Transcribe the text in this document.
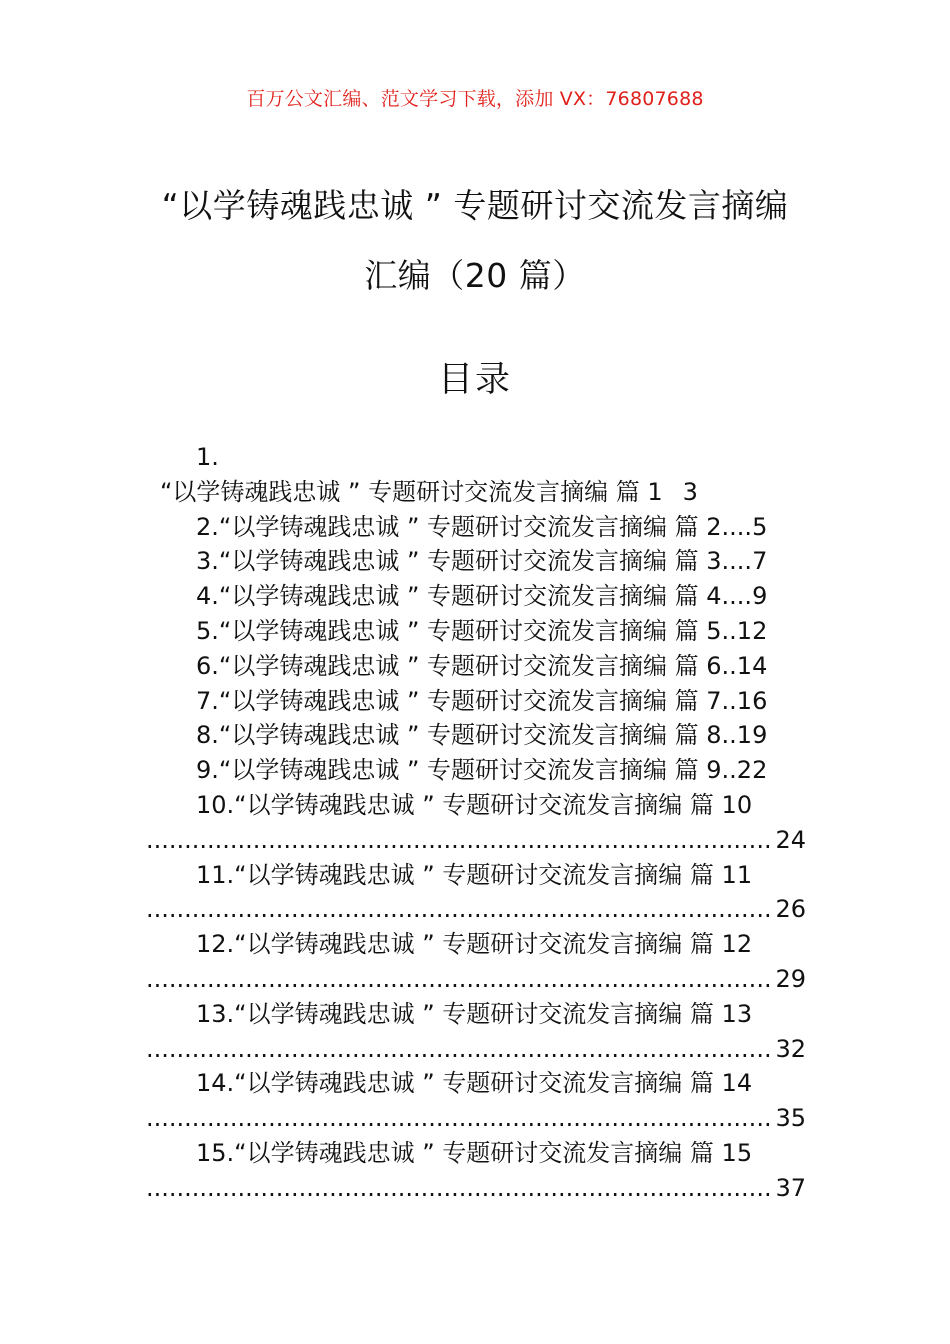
百万公文汇编、范文学习下载，添加 VX：76807688
“以学铸魂践忠诚 ” 专题研讨交流发言摘编
汇编（20 篇）
目录
1.
“以学铸魂践忠诚 ” 专题研讨交流发言摘编 篇 1 3
2.“以学铸魂践忠诚 ” 专题研讨交流发言摘编 篇 2....5
3.“以学铸魂践忠诚 ” 专题研讨交流发言摘编 篇 3....7
4.“以学铸魂践忠诚 ” 专题研讨交流发言摘编 篇 4....9
5.“以学铸魂践忠诚 ” 专题研讨交流发言摘编 篇 5..12
6.“以学铸魂践忠诚 ” 专题研讨交流发言摘编 篇 6..14
7.“以学铸魂践忠诚 ” 专题研讨交流发言摘编 篇 7..16
8.“以学铸魂践忠诚 ” 专题研讨交流发言摘编 篇 8..19
9.“以学铸魂践忠诚 ” 专题研讨交流发言摘编 篇 9..22
10.“以学铸魂践忠诚 ” 专题研讨交流发言摘编 篇 10
.....
24
11.“以学铸魂践忠诚 ” 专题研讨交流发言摘编 篇 11
.....
26
12.“以学铸魂践忠诚 ” 专题研讨交流发言摘编 篇 12
.....
29
13.“以学铸魂践忠诚 ” 专题研讨交流发言摘编 篇 13
.....
32
14.“以学铸魂践忠诚 ” 专题研讨交流发言摘编 篇 14
.....
35
15.“以学铸魂践忠诚 ” 专题研讨交流发言摘编 篇 15
.....
37
